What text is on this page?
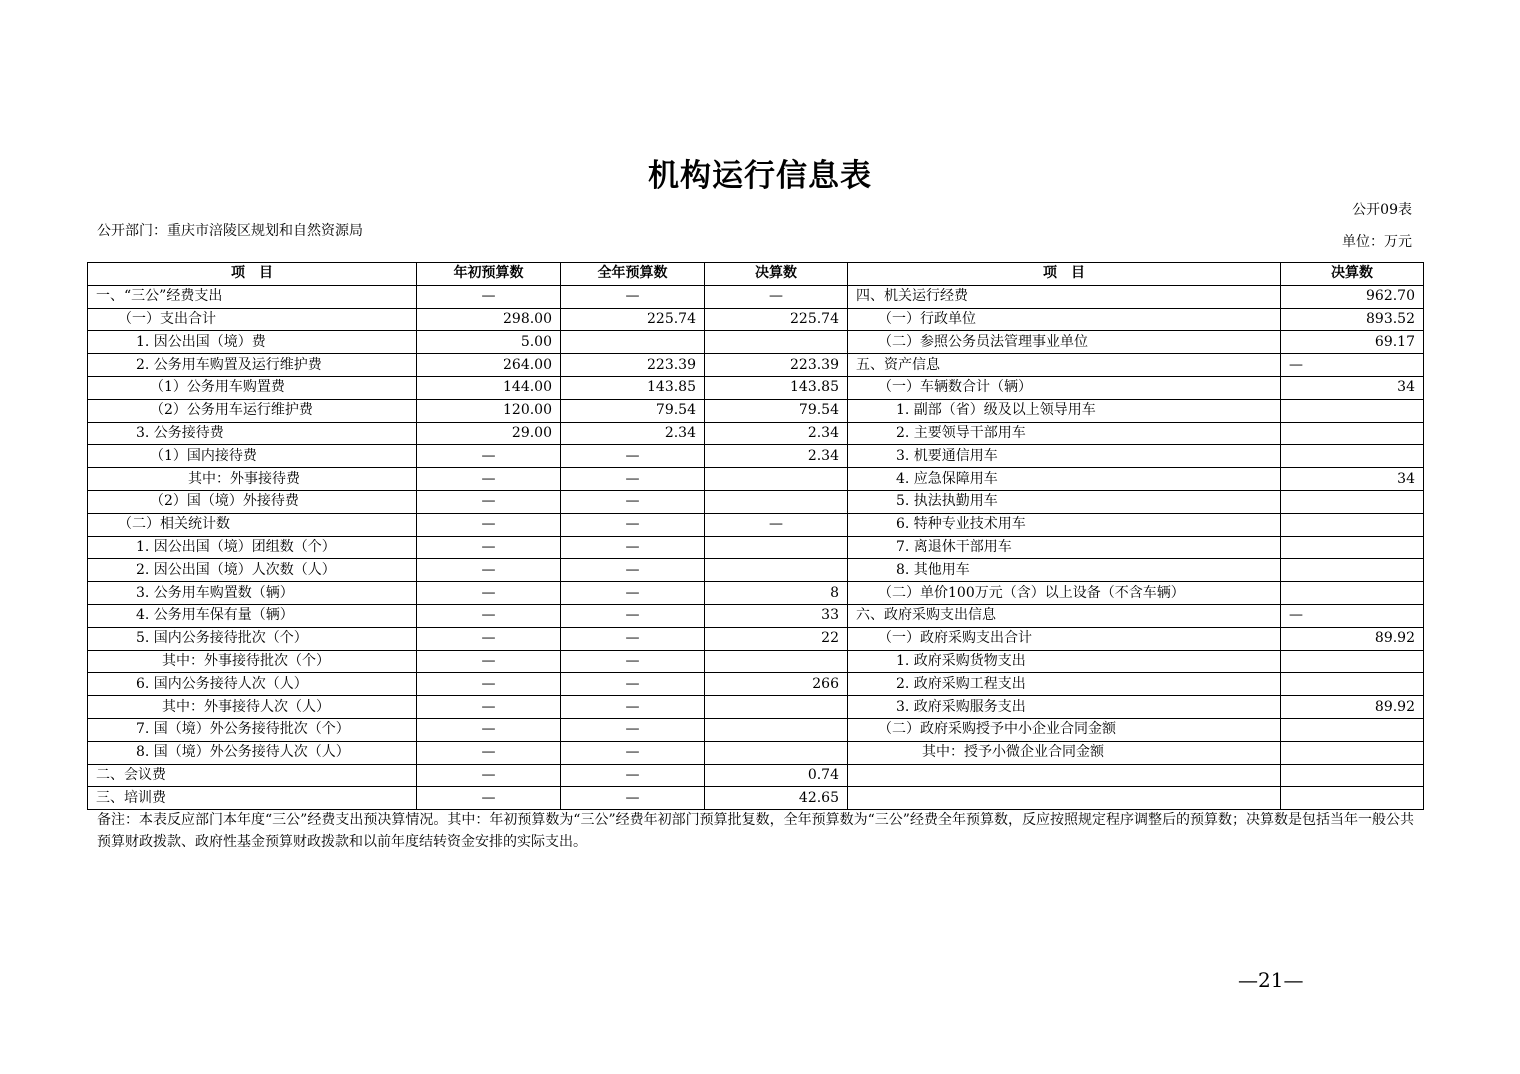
机构运行信息表
公开09表
公开部门：重庆市涪陵区规划和自然资源局
单位：万元
项　目	年初预算数	全年预算数	决算数	项　目	决算数
一、“三公”经费支出	—	—	—	四、机关运行经费	962.70
（一）支出合计	298.00	225.74	225.74	（一）行政单位	893.52
1. 因公出国（境）费	5.00			（二）参照公务员法管理事业单位	69.17
2. 公务用车购置及运行维护费	264.00	223.39	223.39	五、资产信息	—
（1）公务用车购置费	144.00	143.85	143.85	（一）车辆数合计（辆）	34
（2）公务用车运行维护费	120.00	79.54	79.54	1. 副部（省）级及以上领导用车	
3. 公务接待费	29.00	2.34	2.34	2. 主要领导干部用车	
（1）国内接待费	—	—	2.34	3. 机要通信用车	
其中：外事接待费	—	—		4. 应急保障用车	34
（2）国（境）外接待费	—	—		5. 执法执勤用车	
（二）相关统计数	—	—	—	6. 特种专业技术用车	
1. 因公出国（境）团组数（个）	—	—		7. 离退休干部用车	
2. 因公出国（境）人次数（人）	—	—		8. 其他用车	
3. 公务用车购置数（辆）	—	—	8	（二）单价100万元（含）以上设备（不含车辆）	
4. 公务用车保有量（辆）	—	—	33	六、政府采购支出信息	—
5. 国内公务接待批次（个）	—	—	22	（一）政府采购支出合计	89.92
其中：外事接待批次（个）	—	—		1. 政府采购货物支出	
6. 国内公务接待人次（人）	—	—	266	2. 政府采购工程支出	
其中：外事接待人次（人）	—	—		3. 政府采购服务支出	89.92
7. 国（境）外公务接待批次（个）	—	—		（二）政府采购授予中小企业合同金额	
8. 国（境）外公务接待人次（人）	—	—		其中：授予小微企业合同金额	
二、会议费	—	—	0.74		
三、培训费	—	—	42.65		
备注：本表反应部门本年度“三公”经费支出预决算情况。其中：年初预算数为“三公”经费年初部门预算批复数，全年预算数为“三公”经费全年预算数，反应按照规定程序调整后的预算数；决算数是包括当年一般公共预算财政拨款、政府性基金预算财政拨款和以前年度结转资金安排的实际支出。
—21—
